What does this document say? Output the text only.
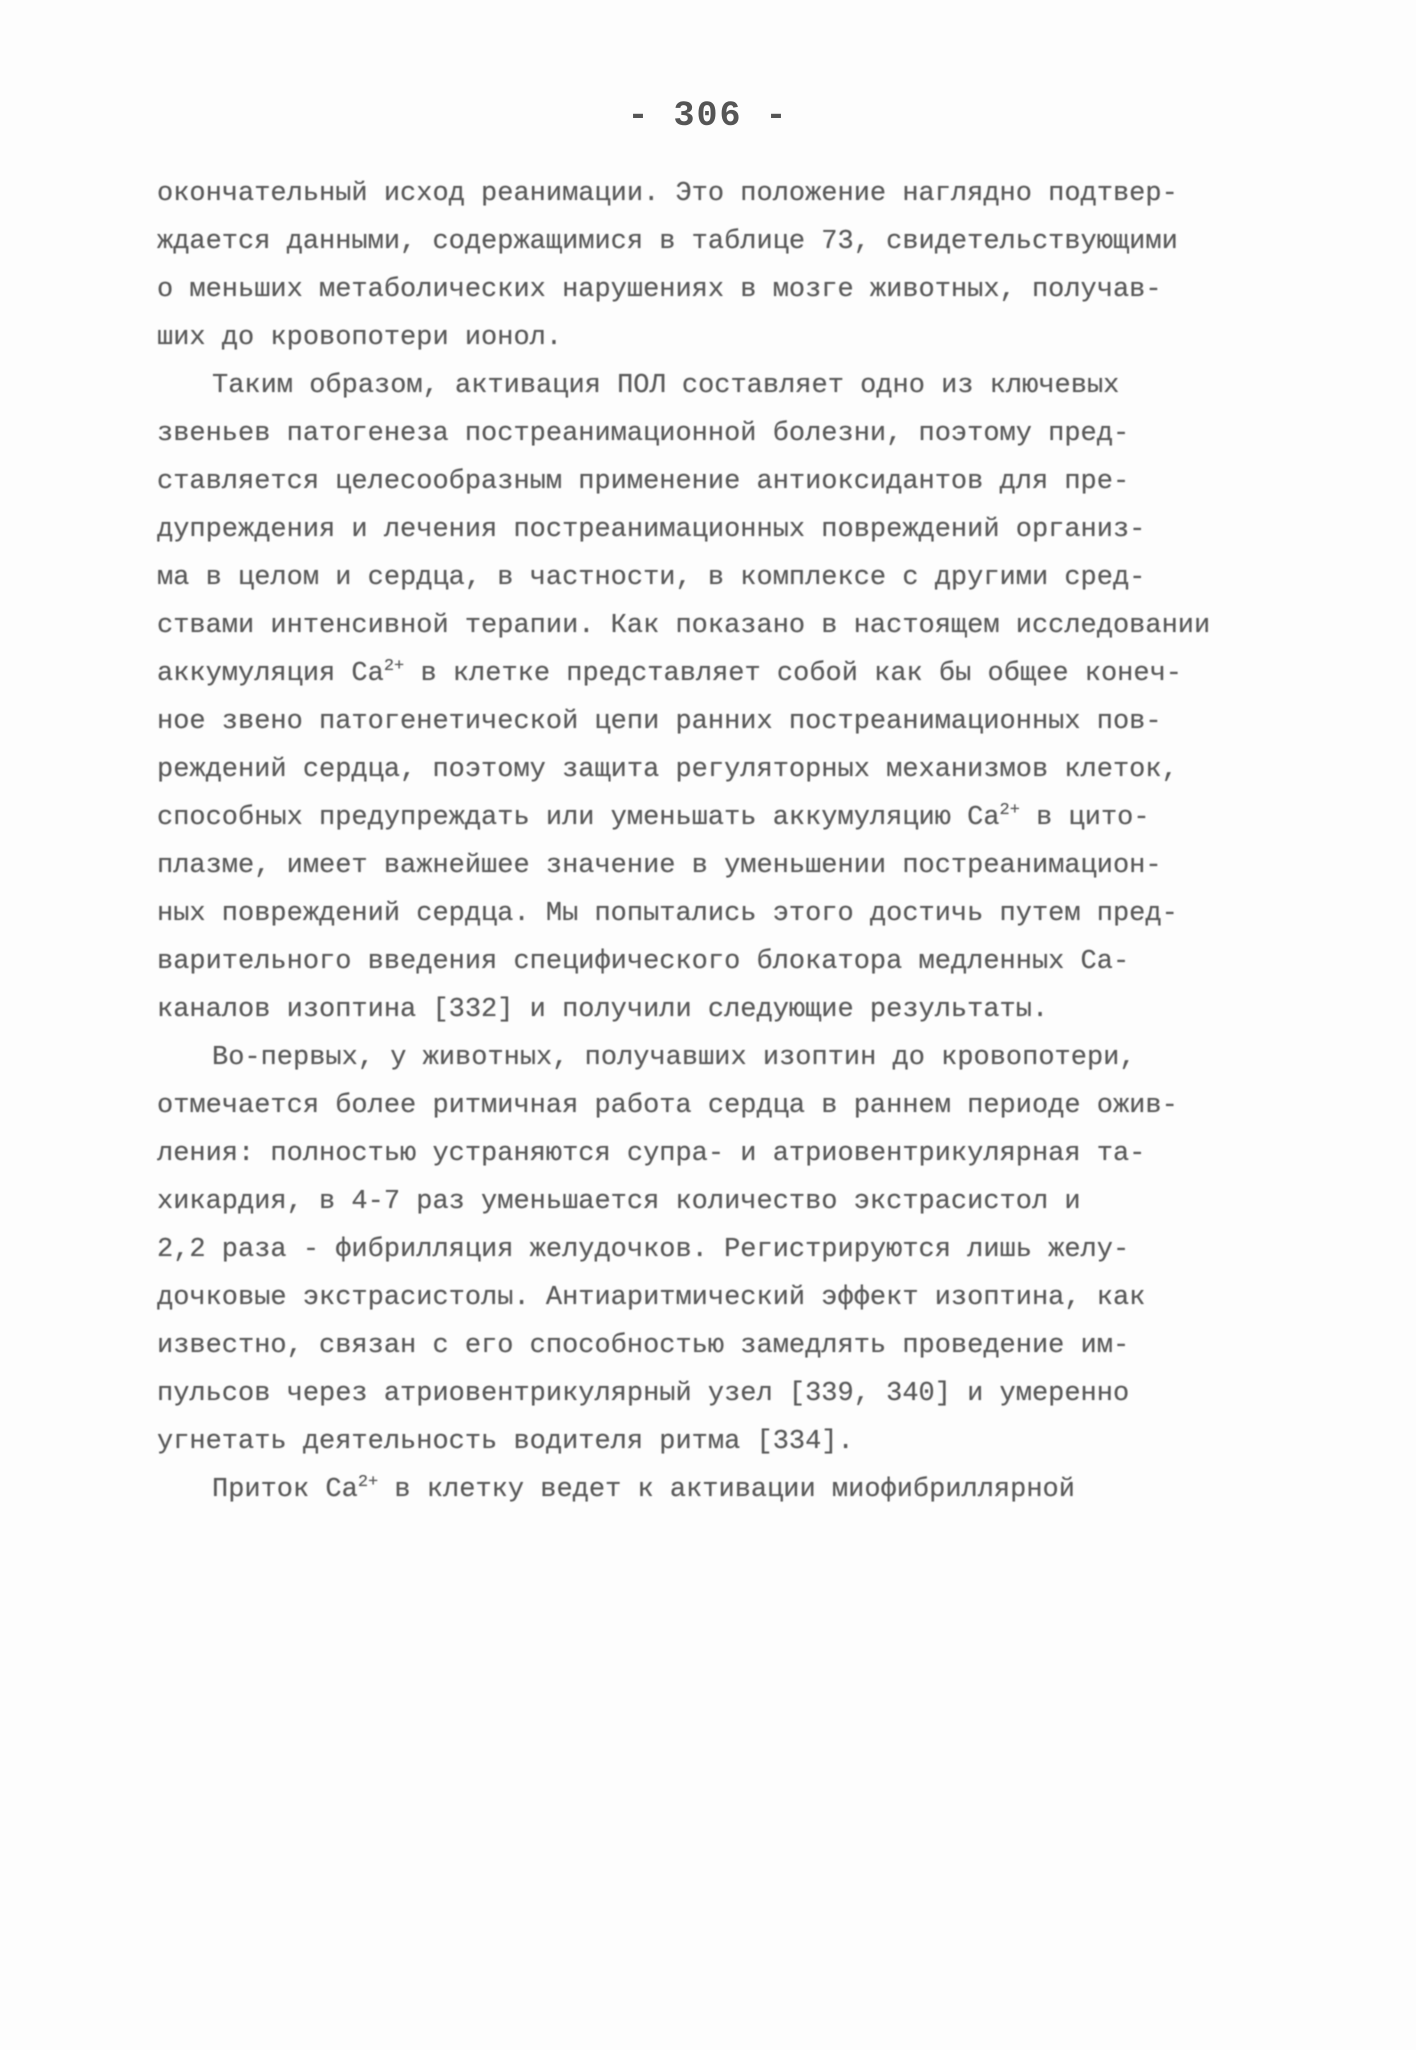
- 306 -
окончательный исход реанимации. Это положение наглядно подтвер-
ждается данными, содержащимися в таблице 73, свидетельствующими
о меньших метаболических нарушениях в мозге животных, получав-
ших до кровопотери ионол.
Таким образом, активация ПОЛ составляет одно из ключевых
звеньев патогенеза постреанимационной болезни, поэтому пред-
ставляется целесообразным применение антиоксидантов для пре-
дупреждения и лечения постреанимационных повреждений организ-
ма в целом и сердца, в частности, в комплексе с другими сред-
ствами интенсивной терапии. Как показано в настоящем исследовании
аккумуляция $Ca^{2+}$ в клетке представляет собой как бы общее конеч-
ное звено патогенетической цепи ранних постреанимационных пов-
реждений сердца, поэтому защита регуляторных механизмов клеток,
способных предупреждать или уменьшать аккумуляцию $Ca^{2+}$ в цито-
плазме, имеет важнейшее значение в уменьшении постреанимацион-
ных повреждений сердца. Мы попытались этого достичь путем пред-
варительного введения специфического блокатора медленных Ca-
каналов изоптина [332] и получили следующие результаты.
Во-первых, у животных, получавших изоптин до кровопотери,
отмечается более ритмичная работа сердца в раннем периоде ожив-
ления: полностью устраняются супра- и атриовентрикулярная та-
хикардия, в 4-7 раз уменьшается количество экстрасистол и
2,2 раза - фибрилляция желудочков. Регистрируются лишь желу-
дочковые экстрасистолы. Антиаритмический эффект изоптина, как
известно, связан с его способностью замедлять проведение им-
пульсов через атриовентрикулярный узел [339, 340] и умеренно
угнетать деятельность водителя ритма [334].
Приток $Ca^{2+}$ в клетку ведет к активации миофибриллярной
